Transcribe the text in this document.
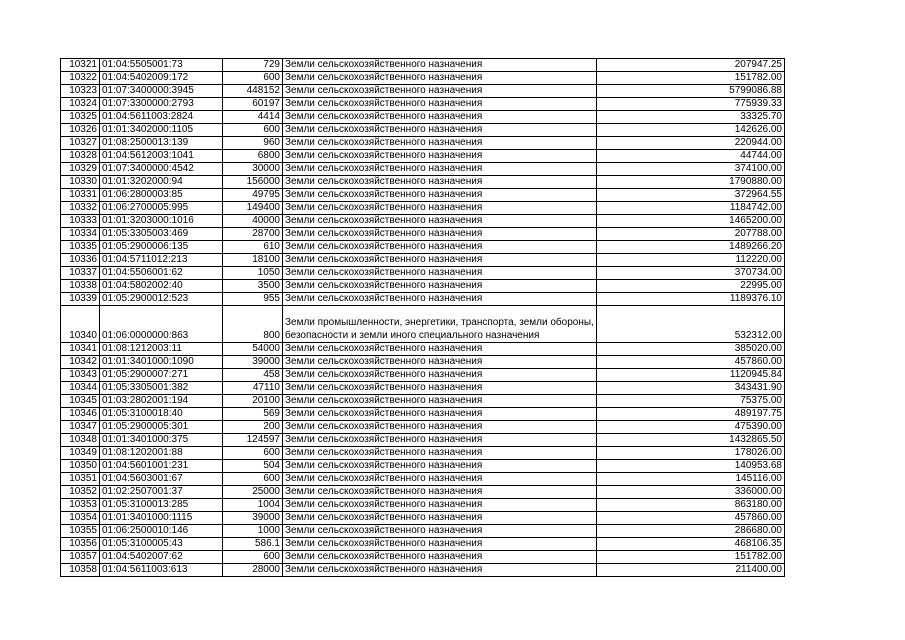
10321	01:04:5505001:73	729	Земли сельскохозяйственного назначения	207947.25
10322	01:04:5402009:172	600	Земли сельскохозяйственного назначения	151782.00
10323	01:07:3400000:3945	448152	Земли сельскохозяйственного назначения	5799086.88
10324	01:07:3300000:2793	60197	Земли сельскохозяйственного назначения	775939.33
10325	01:04:5611003:2824	4414	Земли сельскохозяйственного назначения	33325.70
10326	01:01:3402000:1105	600	Земли сельскохозяйственного назначения	142626.00
10327	01:08:2500013:139	960	Земли сельскохозяйственного назначения	220944.00
10328	01:04:5612003:1041	6800	Земли сельскохозяйственного назначения	44744.00
10329	01:07:3400000:4542	30000	Земли сельскохозяйственного назначения	374100.00
10330	01:01:3202000:94	156000	Земли сельскохозяйственного назначения	1790880.00
10331	01:06:2800003:85	49795	Земли сельскохозяйственного назначения	372964.55
10332	01:06:2700005:995	149400	Земли сельскохозяйственного назначения	1184742.00
10333	01:01:3203000:1016	40000	Земли сельскохозяйственного назначения	1465200.00
10334	01:05:3305003:469	28700	Земли сельскохозяйственного назначения	207788.00
10335	01:05:2900006:135	610	Земли сельскохозяйственного назначения	1489266.20
10336	01:04:5711012:213	18100	Земли сельскохозяйственного назначения	112220.00
10337	01:04:5506001:62	1050	Земли сельскохозяйственного назначения	370734.00
10338	01:04:5802002:40	3500	Земли сельскохозяйственного назначения	22995.00
10339	01:05:2900012:523	955	Земли сельскохозяйственного назначения	1189376.10
10340	01:06:0000000:863	800	Земли промышленности, энергетики, транспорта, земли обороны, безопасности и земли иного специального назначения	532312.00
10341	01:08:1212003:11	54000	Земли сельскохозяйственного назначения	385020.00
10342	01:01:3401000:1090	39000	Земли сельскохозяйственного назначения	457860.00
10343	01:05:2900007:271	458	Земли сельскохозяйственного назначения	1120945.84
10344	01:05:3305001:382	47110	Земли сельскохозяйственного назначения	343431.90
10345	01:03:2802001:194	20100	Земли сельскохозяйственного назначения	75375.00
10346	01:05:3100018:40	569	Земли сельскохозяйственного назначения	489197.75
10347	01:05:2900005:301	200	Земли сельскохозяйственного назначения	475390.00
10348	01:01:3401000:375	124597	Земли сельскохозяйственного назначения	1432865.50
10349	01:08:1202001:88	600	Земли сельскохозяйственного назначения	178026.00
10350	01:04:5601001:231	504	Земли сельскохозяйственного назначения	140953.68
10351	01:04:5603001:67	600	Земли сельскохозяйственного назначения	145116.00
10352	01:02:2507001:37	25000	Земли сельскохозяйственного назначения	336000.00
10353	01:05:3100013:285	1004	Земли сельскохозяйственного назначения	863180.00
10354	01:01:3401000:1115	39000	Земли сельскохозяйственного назначения	457860.00
10355	01:06:2500010:146	1000	Земли сельскохозяйственного назначения	286680.00
10356	01:05:3100005:43	586.1	Земли сельскохозяйственного назначения	468106.35
10357	01:04:5402007:62	600	Земли сельскохозяйственного назначения	151782.00
10358	01:04:5611003:613	28000	Земли сельскохозяйственного назначения	211400.00
